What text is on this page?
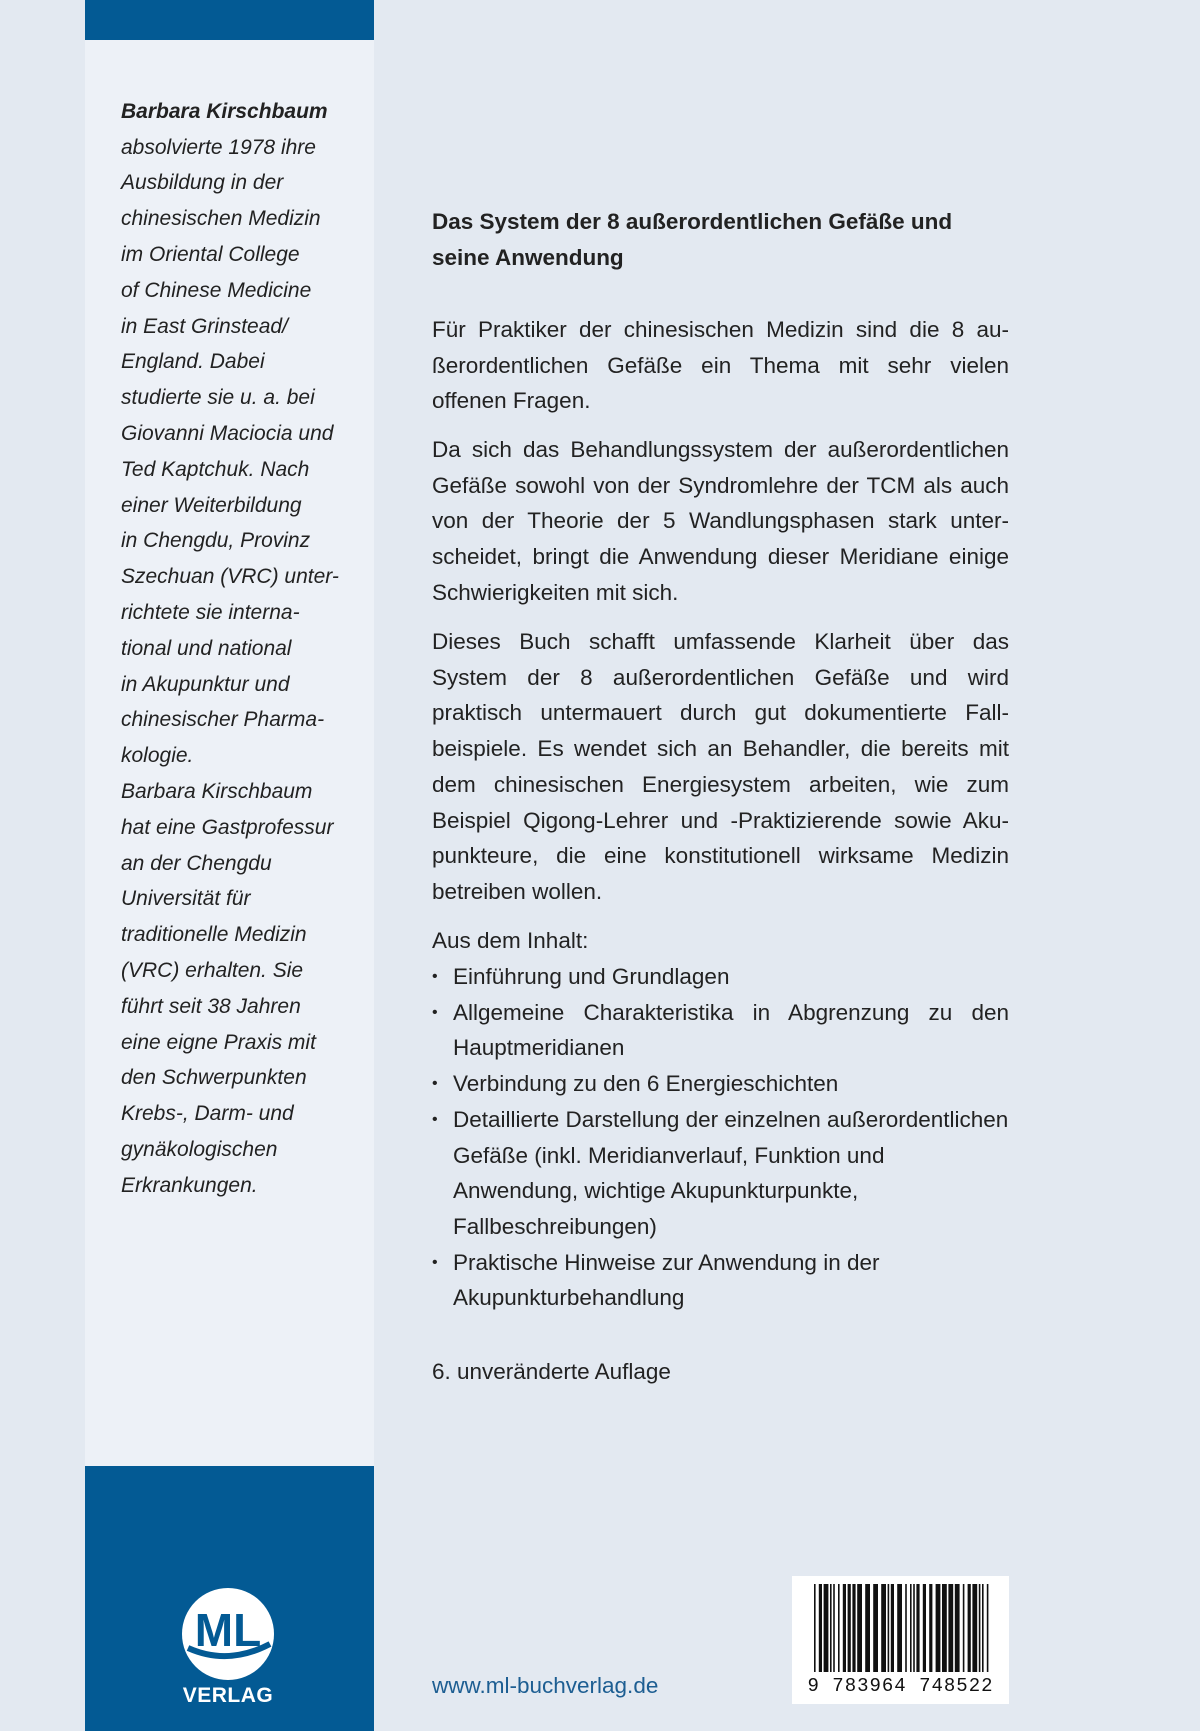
Barbara Kirschbaum
absolvierte 1978 ihre
Ausbildung in der
chinesischen Medizin
im Oriental College
of Chinese Medicine
in East Grinstead/
England. Dabei
studierte sie u. a. bei
Giovanni Maciocia und
Ted Kaptchuk. Nach
einer Weiterbildung
in Chengdu, Provinz
Szechuan (VRC) unter-
richtete sie interna-
tional und national
in Akupunktur und
chinesischer Pharma-
kologie.
Barbara Kirschbaum
hat eine Gastprofessur
an der Chengdu
Universität für
traditionelle Medizin
(VRC) erhalten. Sie
führt seit 38 Jahren
eine eigne Praxis mit
den Schwerpunkten
Krebs-, Darm- und
gynäkologischen
Erkrankungen.

ML
VERLAG
Das System der 8 außerordentlichen Gefäße und
seine Anwendung

Für Praktiker der chinesischen Medizin sind die 8 außerordentlichen Gefäße ein Thema mit sehr vielen offenen Fragen.

Da sich das Behandlungssystem der außerordentlichen Gefäße sowohl von der Syndromlehre der TCM als auch von der Theorie der 5 Wandlungsphasen stark unterscheidet, bringt die Anwendung dieser Meridiane einige Schwierigkeiten mit sich.

Dieses Buch schafft umfassende Klarheit über das System der 8 außerordentlichen Gefäße und wird praktisch untermauert durch gut dokumentierte Fallbeispiele. Es wendet sich an Behandler, die bereits mit dem chinesischen Energiesystem arbeiten, wie zum Beispiel Qigong-Lehrer und -Praktizierende sowie Akupunkteure, die eine konstitutionell wirksame Medizin betreiben wollen.

Aus dem Inhalt:
• Einführung und Grundlagen
• Allgemeine Charakteristika in Abgrenzung zu den Hauptmeridianen
• Verbindung zu den 6 Energieschichten
• Detaillierte Darstellung der einzelnen außerordentlichen Gefäße (inkl. Meridianverlauf, Funktion und Anwendung, wichtige Akupunkturpunkte, Fallbeschreibungen)
• Praktische Hinweise zur Anwendung in der Akupunkturbehandlung
6. unveränderte Auflage
www.ml-buchverlag.de	9 783964 748522
